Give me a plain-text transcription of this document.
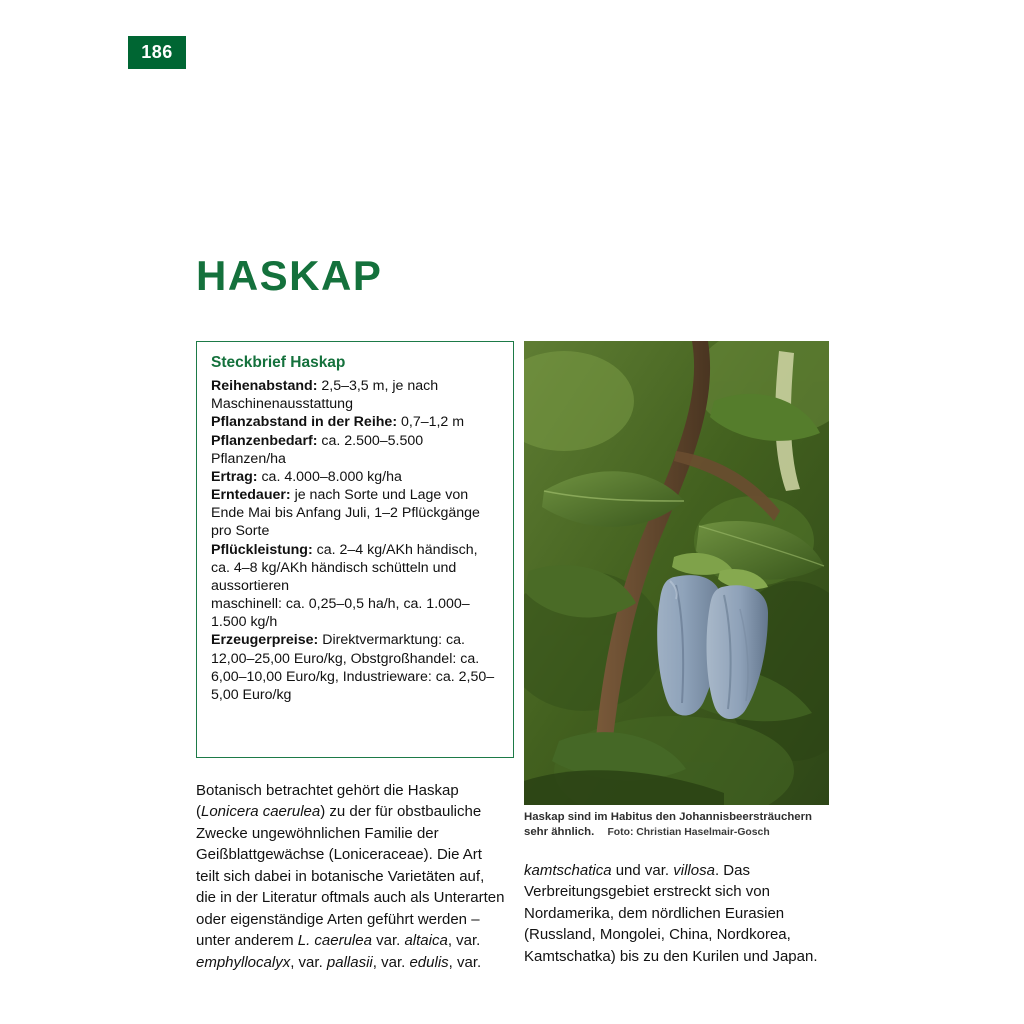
186
HASKAP
Steckbrief Haskap

Reihenabstand: 2,5–3,5 m, je nach Maschinenausstattung

Pflanzabstand in der Reihe: 0,7–1,2 m

Pflanzenbedarf: ca. 2.500–5.500 Pflanzen/ha

Ertrag: ca. 4.000–8.000 kg/ha

Erntedauer: je nach Sorte und Lage von Ende Mai bis Anfang Juli, 1–2 Pflückgänge pro Sorte

Pflückleistung: ca. 2–4 kg/AKh händisch, ca. 4–8 kg/AKh händisch schütteln und aussortieren

maschinell: ca. 0,25–0,5 ha/h, ca. 1.000–1.500 kg/h

Erzeugerpreise: Direktvermarktung: ca. 12,00–25,00 Euro/kg, Obstgroßhandel: ca. 6,00–10,00 Euro/kg, Industrieware: ca. 2,50–5,00 Euro/kg

Haskap sind im Habitus den Johannisbeersträuchern sehr ähnlich. Foto: Christian Haselmair-Gosch

Botanisch betrachtet gehört die Haskap (Lonicera caerulea) zu der für obstbauliche Zwecke ungewöhnlichen Familie der Geißblattgewächse (Loniceraceae). Die Art teilt sich dabei in botanische Varietäten auf, die in der Literatur oftmals auch als Unterarten oder eigenständige Arten geführt werden – unter anderem L. caerulea var. altaica, var. emphyllocalyx, var. pallasii, var. edulis, var.

kamtschatica und var. villosa. Das Verbreitungsgebiet erstreckt sich von Nordamerika, dem nördlichen Eurasien (Russland, Mongolei, China, Nordkorea, Kamtschatka) bis zu den Kurilen und Japan.
